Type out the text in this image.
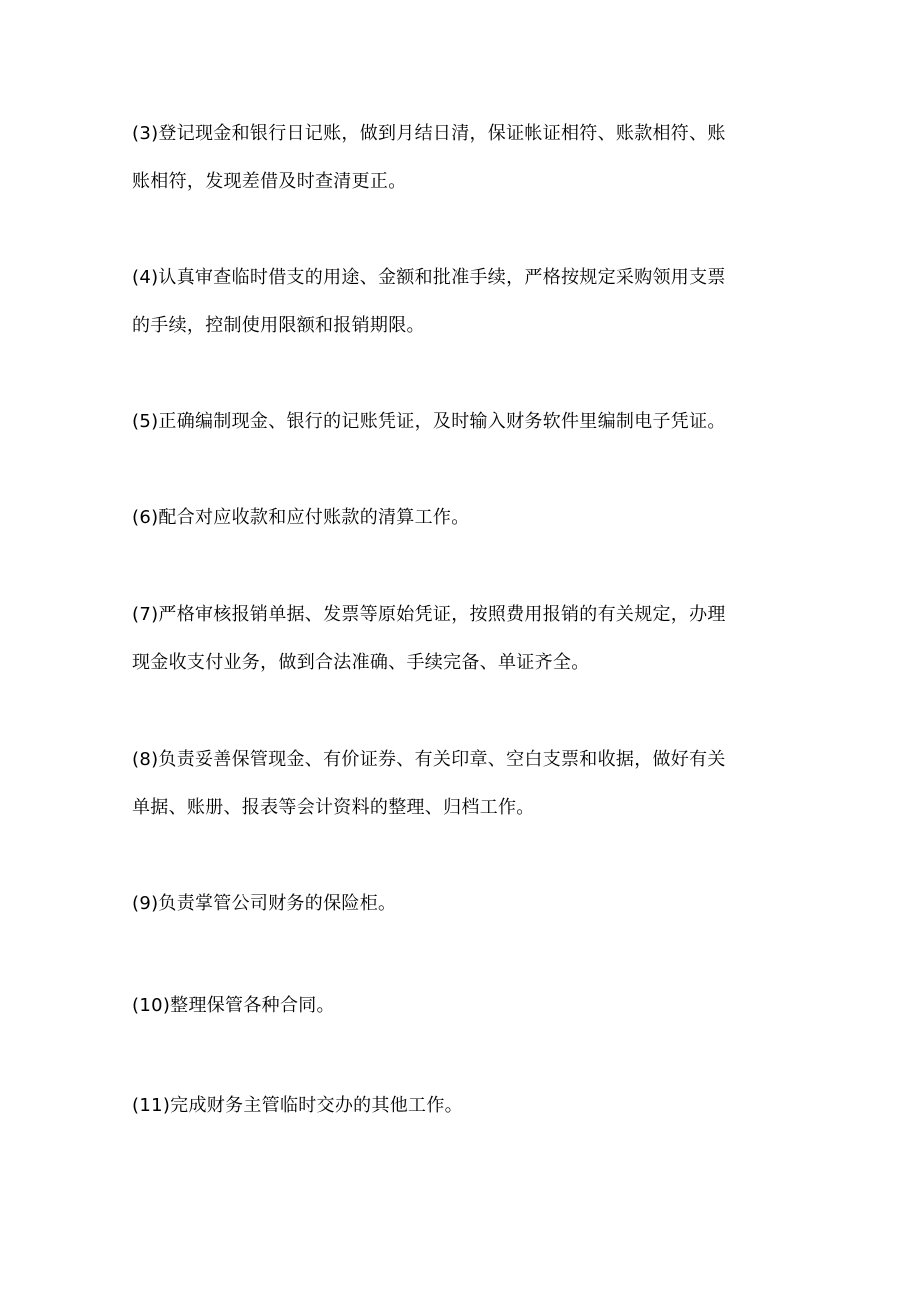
(3)登记现金和银行日记账，做到月结日清，保证帐证相符、账款相符、账
账相符，发现差借及时查清更正。

(4)认真审查临时借支的用途、金额和批准手续，严格按规定采购领用支票
的手续，控制使用限额和报销期限。

(5)正确编制现金、银行的记账凭证，及时输入财务软件里编制电子凭证。

(6)配合对应收款和应付账款的清算工作。

(7)严格审核报销单据、发票等原始凭证，按照费用报销的有关规定，办理
现金收支付业务，做到合法准确、手续完备、单证齐全。

(8)负责妥善保管现金、有价证券、有关印章、空白支票和收据，做好有关
单据、账册、报表等会计资料的整理、归档工作。

(9)负责掌管公司财务的保险柜。

(10)整理保管各种合同。

(11)完成财务主管临时交办的其他工作。
